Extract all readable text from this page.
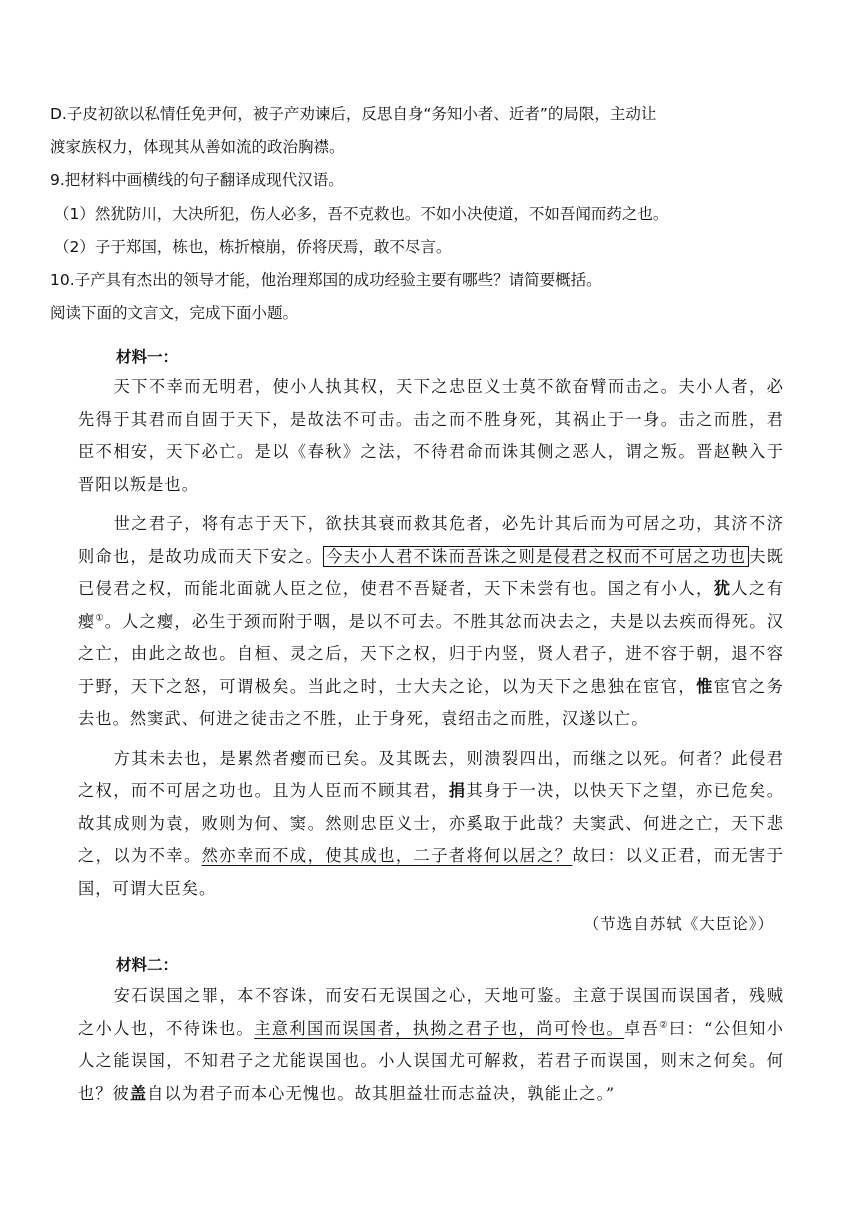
D.子皮初欲以私情任免尹何，被子产劝谏后，反思自身“务知小者、近者”的局限，主动让
渡家族权力，体现其从善如流的政治胸襟。
9.把材料中画横线的句子翻译成现代汉语。
（1）然犹防川，大决所犯，伤人必多，吾不克救也。不如小决使道，不如吾闻而药之也。
（2）子于郑国，栋也，栋折榱崩，侨将厌焉，敢不尽言。
10.子产具有杰出的领导才能，他治理郑国的成功经验主要有哪些？请简要概括。
阅读下面的文言文，完成下面小题。
材料一：

天下不幸而无明君，使小人执其权，天下之忠臣义士莫不欲奋臂而击之。夫小人者，必先得于其君而自固于天下，是故法不可击。击之而不胜身死，其祸止于一身。击之而胜，君臣不相安，天下必亡。是以《春秋》之法，不待君命而诛其侧之恶人，谓之叛。晋赵鞅入于晋阳以叛是也。

世之君子，将有志于天下，欲扶其衰而救其危者，必先计其后而为可居之功，其济不济则命也，是故功成而天下安之。 今夫小人君不诛而吾诛之则是侵君之权而不可居之功也 夫既已侵君之权，而能北面就人臣之位，使君不吾疑者，天下未尝有也。国之有小人，犹人之有瘿①。人之瘿，必生于颈而附于咽，是以不可去。不胜其忿而决去之，夫是以去疾而得死。汉之亡，由此之故也。自桓、灵之后，天下之权，归于内竖，贤人君子，进不容于朝，退不容于野，天下之怒，可谓极矣。当此之时，士大夫之论，以为天下之患独在宦官，惟宦官之务去也。然窦武、何进之徒击之不胜，止于身死，袁绍击之而胜，汉遂以亡。

方其未去也，是累然者瘿而已矣。及其既去，则溃裂四出，而继之以死。何者？此侵君之权，而不可居之功也。且为人臣而不顾其君，捐其身于一决，以快天下之望，亦已危矣。故其成则为袁，败则为何、窦。然则忠臣义士，亦奚取于此哉？夫窦武、何进之亡，天下悲之，以为不幸。然亦幸而不成，使其成也，二子者将何以居之？故曰：以义正君，而无害于国，可谓大臣矣。

（节选自苏轼《大臣论》）
材料二：

安石误国之罪，本不容诛，而安石无误国之心，天地可鉴。主意于误国而误国者，残贼之小人也，不待诛也。主意利国而误国者，执拗之君子也，尚可怜也。卓吾②曰：“公但知小人之能误国，不知君子之尤能误国也。小人误国尤可解救，若君子而误国，则末之何矣。何也？彼盖自以为君子而本心无愧也。故其胆益壮而志益决，孰能止之。”
